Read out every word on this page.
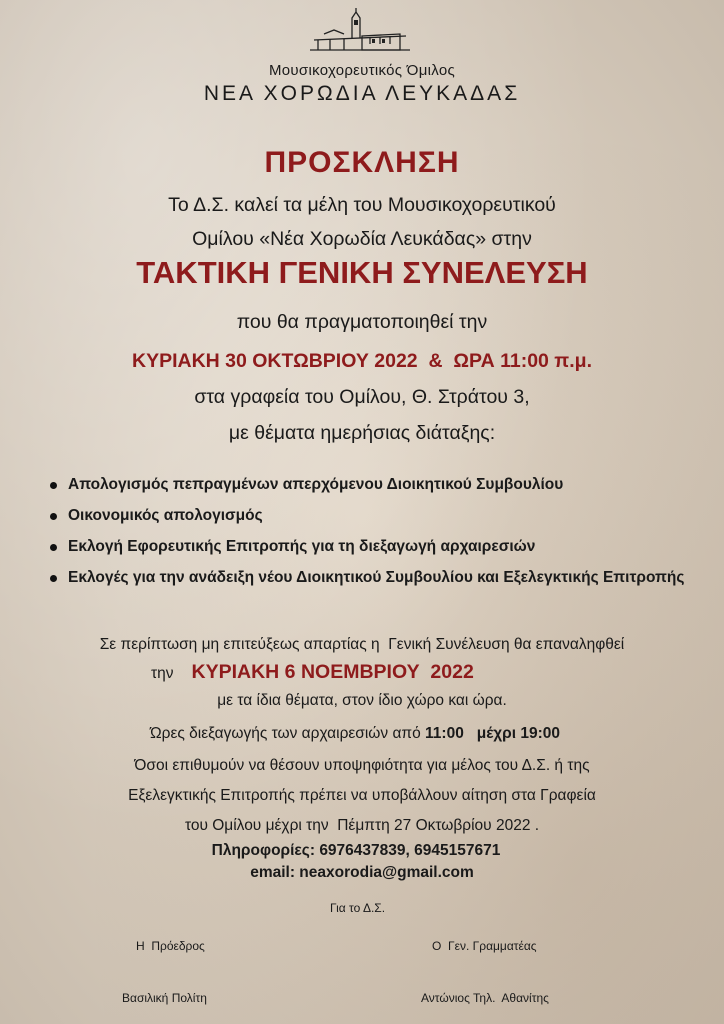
Μουσικοχορευτικός Όμιλος
ΝΕΑ ΧΟΡΩΔΙΑ ΛΕΥΚΑΔΑΣ
ΠΡΟΣΚΛΗΣΗ
Το Δ.Σ. καλεί τα μέλη του Μουσικοχορευτικού
Ομίλου «Νέα Χορωδία Λευκάδας» στην
ΤΑΚΤΙΚΗ ΓΕΝΙΚΗ ΣΥΝΕΛΕΥΣΗ
που θα πραγματοποιηθεί την
ΚΥΡΙΑΚΗ 30 ΟΚΤΩΒΡΙΟΥ 2022  &  ΩΡΑ 11:00 π.μ.
στα γραφεία του Ομίλου, Θ. Στράτου 3,
με θέματα ημερήσιας διάταξης:
Απολογισμός πεπραγμένων απερχόμενου Διοικητικού Συμβουλίου
Οικονομικός απολογισμός
Εκλογή Εφορευτικής Επιτροπής για τη διεξαγωγή αρχαιρεσιών
Εκλογές για την ανάδειξη νέου Διοικητικού Συμβουλίου και Εξελεγκτικής Επιτροπής
Σε περίπτωση μη επιτεύξεως απαρτίας η  Γενική Συνέλευση θα επαναληφθεί
την ΚΥΡΙΑΚΗ 6 ΝΟΕΜΒΡΙΟΥ  2022
με τα ίδια θέματα, στον ίδιο χώρο και ώρα.
Ώρες διεξαγωγής των αρχαιρεσιών από 11:00 μέχρι 19:00
Όσοι επιθυμούν να θέσουν υποψηφιότητα για μέλος του Δ.Σ. ή της
Εξελεγκτικής Επιτροπής πρέπει να υποβάλλουν αίτηση στα Γραφεία
του Ομίλου μέχρι την  Πέμπτη 27 Οκτωβρίου 2022 .
Πληροφορίες: 6976437839, 6945157671
email: neaxorodia@gmail.com
Για το Δ.Σ.
Η  Πρόεδρος	Ο  Γεν. Γραμματέας
Βασιλική Πολίτη	Αντώνιος Τηλ.  Αθανίτης
